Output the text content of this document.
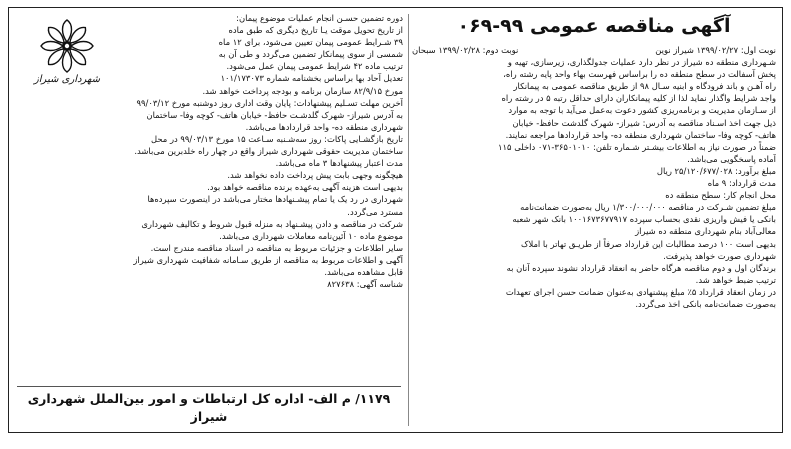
آگهی مناقصه عمومی ۰۶۹-۹۹
نوبت اول: ۱۳۹۹/۰۲/۲۷ شیراز نوین
نوبت دوم: ۱۳۹۹/۰۲/۲۸ سبحان
شـهرداری منطقه ده شیراز در نظر دارد عملیات جدولگذاری، زیرسازی، تهیه و
پخش آسفالت در سطح منطقه ده را براساس فهرست بهاء واحد پایه رشته راه،
راه آهـن و باند فرودگاه و ابنیه سـال ۹۸ از طریق مناقصه عمومی به پیمانکار
واجد شرایط واگذار نماید لذا از کلیه پیمانکاران دارای حداقل رتبه ۵ در رشته راه
از سـازمان مدیریت و برنامه‌ریزی کشور دعوت به‌عمل می‌آید با توجه به موارد
ذیل جهت اخذ اسـناد مناقصه به آدرس: شیراز- شهرک گلدشت حافظ- خیابان
هاتف- کوچه وفا- ساختمان شهرداری منطقه ده- واحد قراردادها مراجعه نمایند.
ضمناً در صورت نیاز به اطلاعات بیشـتر شـماره تلفن: ۳۶۵۰۱۰۱۰-۰۷۱ داخلی ۱۱۵
آماده پاسخگویی می‌باشد.
مبلغ برآورد: ۲۵/۱۲۰/۶۷۷/۰۲۸ ریال
مدت قرارداد: ۹ ماه
محل انجام کار: سطح منطقه ده
مبلغ تضمین شـرکت در مناقصه ۱/۳۰۰/۰۰۰/۰۰۰ ریال به‌صورت ضمانت‌نامه
بانکی یا فیش واریزی نقدی بحساب سپرده ۱۰۰۱۶۷۳۶۷۷۹۱۷ بانک شهر شعبه
معالی‌آباد بنام شهرداری منطقه ده شیراز
بدیهی است ۱۰۰ درصد مطالبات این قرارداد صرفاً از طریـق تهاتر با املاک
شهرداری صورت خواهد پذیرفت.
برندگان اول و دوم مناقصه هرگاه حاضر به انعقاد قرارداد نشوند سپرده آنان به
ترتیب ضبط خواهد شد.
در زمان انعقاد قرارداد ۵٪ مبلغ پیشنهادی به‌عنوان ضمانت حسن اجرای تعهدات
به‌صورت ضمانت‌نامه بانکی اخذ می‌گردد.
شهرداری شیراز
دوره تضمین حسـن انجام عملیات موضوع پیمان:
از تاریخ تحویل موقت یـا تاریخ دیگری که طبق ماده
۳۹ شـرایط عمومی پیمان تعیین می‌شود، برای ۱۲ ماه
شمسی از سوی پیمانکار تضمین می‌گردد و طی آن به
ترتیب ماده ۴۲ شرایط عمومی پیمان عمل می‌شود.
تعدیل آحاد بها براساس بخشنامه شماره ۱۰۱/۱۷۳۰۷۳
مورخ ۸۲/۹/۱۵ سازمان برنامه و بودجه پرداخت خواهد شد.
آخرین مهلت تسـلیم پیشنهادات: پایان وقت اداری روز دوشنبه مورخ ۹۹/۰۳/۱۲
به آدرس شیراز- شهرک گلدشـت حافظ- خیابان هاتف- کوچه وفا- ساختمان
شهرداری منطقه ده- واحد قراردادها می‌باشد.
تاریخ بازگشـایی پاکات: روز سه‌شـنبه سـاعت ۱۵ مورخ ۹۹/۰۳/۱۳ در محل
ساختمان مدیریت حقوقی شهرداری شیراز واقع در چهار راه خلدبرین می‌باشد.
مدت اعتبار پیشنهادها ۳ ماه می‌باشد.
هیچگونه وجهی بابت پیش پرداخت داده نخواهد شد.
بدیهی است هزینه آگهی به‌عهده برنده مناقصه خواهد بود.
شهرداری در رد یک یا تمام پیشـنهادها مختار می‌باشد در اینصورت سپرده‌ها
مسترد می‌گردد.
شرکت در مناقصه و دادن پیشـنهاد به منزله قبول شروط و تکالیف شهرداری
موضوع ماده ۱۰ آئین‌نامه معاملات شهرداری می‌باشد.
سایر اطلاعات و جزئیات مربوط به مناقصه در اسناد مناقصه مندرج است.
آگهی و اطلاعات مربوط به مناقصه از طریق سـامانه شفافیت شهرداری شیراز
قابل مشاهده می‌باشد.
شناسه آگهی: ۸۲۷۶۳۸
۱۱۷۹/ م الف- اداره کل ارتباطات و امور بین‌الملل شهرداری شیراز
